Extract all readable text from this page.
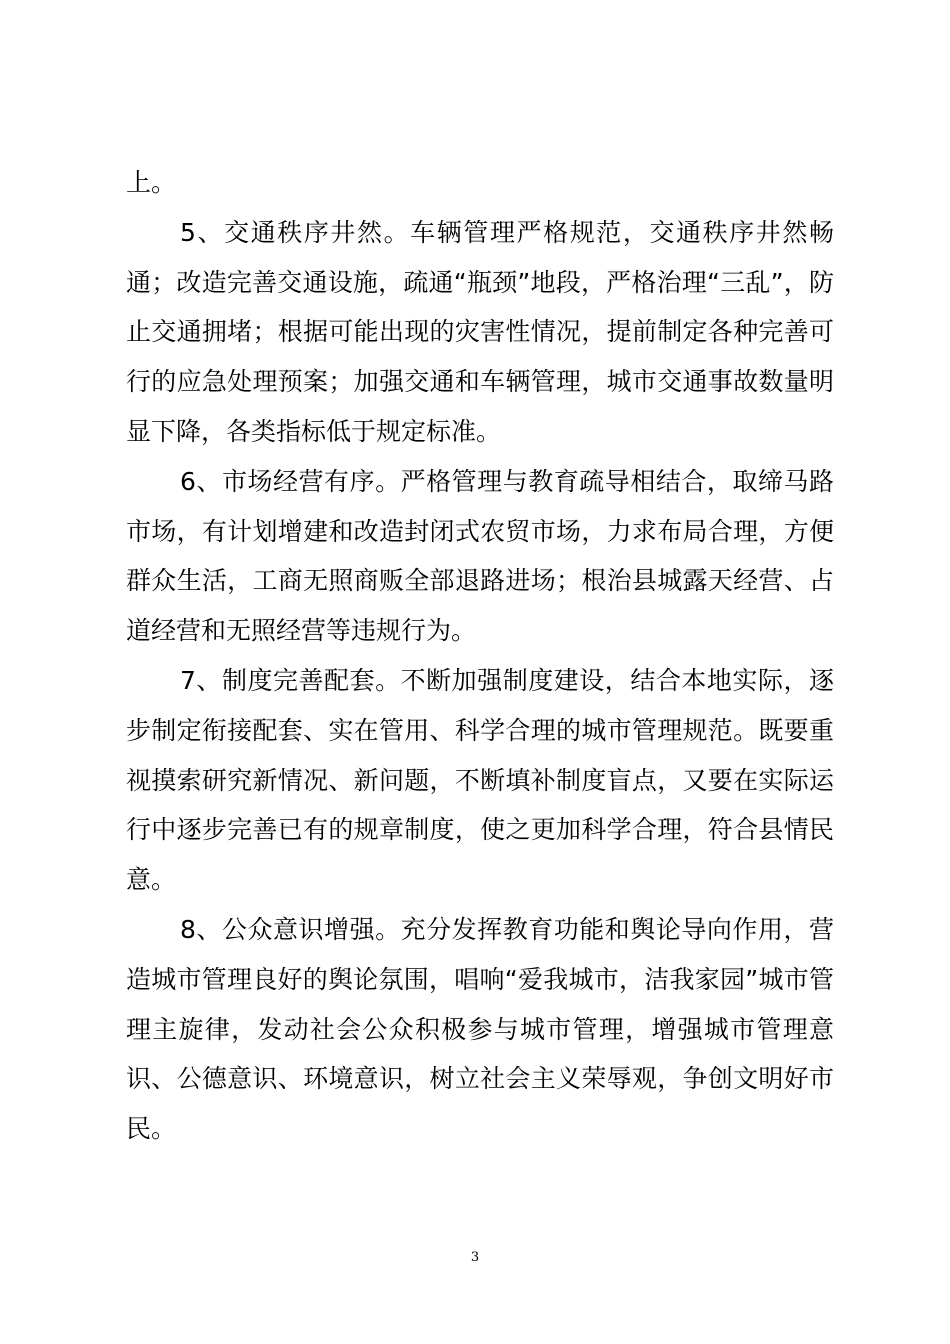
上。

5、交通秩序井然。车辆管理严格规范，交通秩序井然畅通；改造完善交通设施，疏通“瓶颈”地段，严格治理“三乱”，防止交通拥堵；根据可能出现的灾害性情况，提前制定各种完善可行的应急处理预案；加强交通和车辆管理，城市交通事故数量明显下降，各类指标低于规定标准。

6、市场经营有序。严格管理与教育疏导相结合，取缔马路市场，有计划增建和改造封闭式农贸市场，力求布局合理，方便群众生活，工商无照商贩全部退路进场；根治县城露天经营、占道经营和无照经营等违规行为。

7、制度完善配套。不断加强制度建设，结合本地实际，逐步制定衔接配套、实在管用、科学合理的城市管理规范。既要重视摸索研究新情况、新问题，不断填补制度盲点，又要在实际运行中逐步完善已有的规章制度，使之更加科学合理，符合县情民意。

8、公众意识增强。充分发挥教育功能和舆论导向作用，营造城市管理良好的舆论氛围，唱响“爱我城市，洁我家园”城市管理主旋律，发动社会公众积极参与城市管理，增强城市管理意识、公德意识、环境意识，树立社会主义荣辱观，争创文明好市民。

3
